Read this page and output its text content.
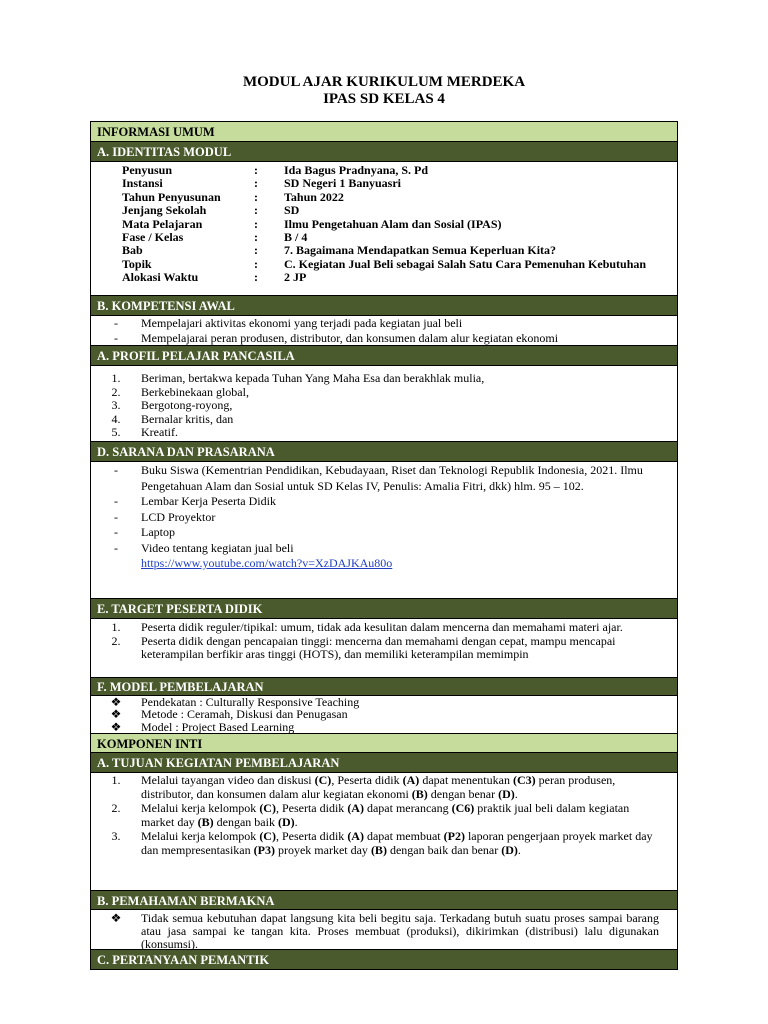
MODUL AJAR KURIKULUM MERDEKA
IPAS SD KELAS 4
INFORMASI UMUM
A. IDENTITAS MODUL
Penyusun	:	Ida Bagus Pradnyana, S. Pd
Instansi	:	SD Negeri 1 Banyuasri
Tahun Penyusunan	:	Tahun 2022
Jenjang Sekolah	:	SD
Mata Pelajaran	:	Ilmu Pengetahuan Alam dan Sosial (IPAS)
Fase / Kelas	:	B / 4
Bab	:	7. Bagaimana Mendapatkan Semua Keperluan Kita?
Topik	:	C. Kegiatan Jual Beli sebagai Salah Satu Cara Pemenuhan Kebutuhan
Alokasi Waktu	:	2 JP
B. KOMPETENSI AWAL
-	Mempelajari aktivitas ekonomi yang terjadi pada kegiatan jual beli
-	Mempelajarai peran produsen, distributor, dan konsumen dalam alur kegiatan ekonomi
A. PROFIL PELAJAR PANCASILA
1.	Beriman, bertakwa kepada Tuhan Yang Maha Esa dan berakhlak mulia,
2.	Berkebinekaan global,
3.	Bergotong-royong,
4.	Bernalar kritis, dan
5.	Kreatif.
D. SARANA DAN PRASARANA
-	Buku Siswa (Kementrian Pendidikan, Kebudayaan, Riset dan Teknologi Republik Indonesia, 2021. Ilmu Pengetahuan Alam dan Sosial untuk SD Kelas IV, Penulis: Amalia Fitri, dkk) hlm. 95 – 102.
-	Lembar Kerja Peserta Didik
-	LCD Proyektor
-	Laptop
-	Video tentang kegiatan jual beli
https://www.youtube.com/watch?v=XzDAJKAu80o
E. TARGET PESERTA DIDIK
1.	Peserta didik reguler/tipikal: umum, tidak ada kesulitan dalam mencerna dan memahami materi ajar.
2.	Peserta didik dengan pencapaian tinggi: mencerna dan memahami dengan cepat, mampu mencapai keterampilan berfikir aras tinggi (HOTS), dan memiliki keterampilan memimpin
F. MODEL PEMBELAJARAN
❖	Pendekatan : Culturally Responsive Teaching
❖	Metode : Ceramah, Diskusi dan Penugasan
❖	Model : Project Based Learning
KOMPONEN INTI
A. TUJUAN KEGIATAN PEMBELAJARAN
1.	Melalui tayangan video dan diskusi (C), Peserta didik (A) dapat menentukan (C3) peran produsen, distributor, dan konsumen dalam alur kegiatan ekonomi (B) dengan benar (D).
2.	Melalui kerja kelompok (C), Peserta didik (A) dapat merancang (C6) praktik jual beli dalam kegiatan market day (B) dengan baik (D).
3.	Melalui kerja kelompok (C), Peserta didik (A) dapat membuat (P2) laporan pengerjaan proyek market day dan mempresentasikan (P3) proyek market day (B) dengan baik dan benar (D).
B. PEMAHAMAN BERMAKNA
❖	Tidak semua kebutuhan dapat langsung kita beli begitu saja. Terkadang butuh suatu proses sampai barang atau jasa sampai ke tangan kita. Proses membuat (produksi), dikirimkan (distribusi) lalu digunakan (konsumsi).
C. PERTANYAAN PEMANTIK
